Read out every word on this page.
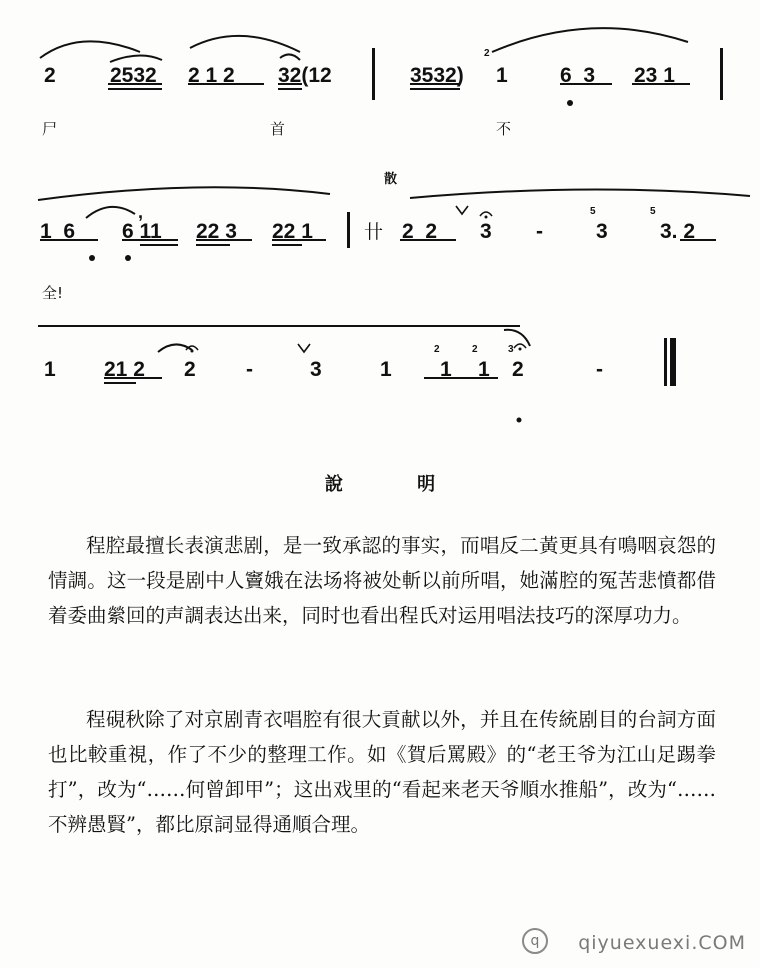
2	2532 2 1 2 32(12	3532)
2
1 6  3 23 1
尸	首	不
散
1  6
,
6 11 22 3 22 1	卄 2  2 3 -
5
3
5
3. 2
全!
1 21 2 2 -	3	1
2
1
2
1
3
2	-
說 明

程腔最擅长表演悲剧，是一致承認的事实，而唱反二黃更具有鳴咽哀怨的情調。这一段是剧中人竇娥在法场将被处斬以前所唱，她滿腔的冤苦悲憤都借着委曲縈回的声調表达出来，同时也看出程氏对运用唱法技巧的深厚功力。

程硯秋除了对京剧青衣唱腔有很大貢献以外，并且在传統剧目的台詞方面也比較重視，作了不少的整理工作。如《賀后罵殿》的“老王爷为江山足踢拳打”，改为“……何曾卸甲”；这出戏里的“看起来老天爷順水推船”，改为“……不辨愚賢”，都比原詞显得通順合理。

q	qiyuexuexi.COM
